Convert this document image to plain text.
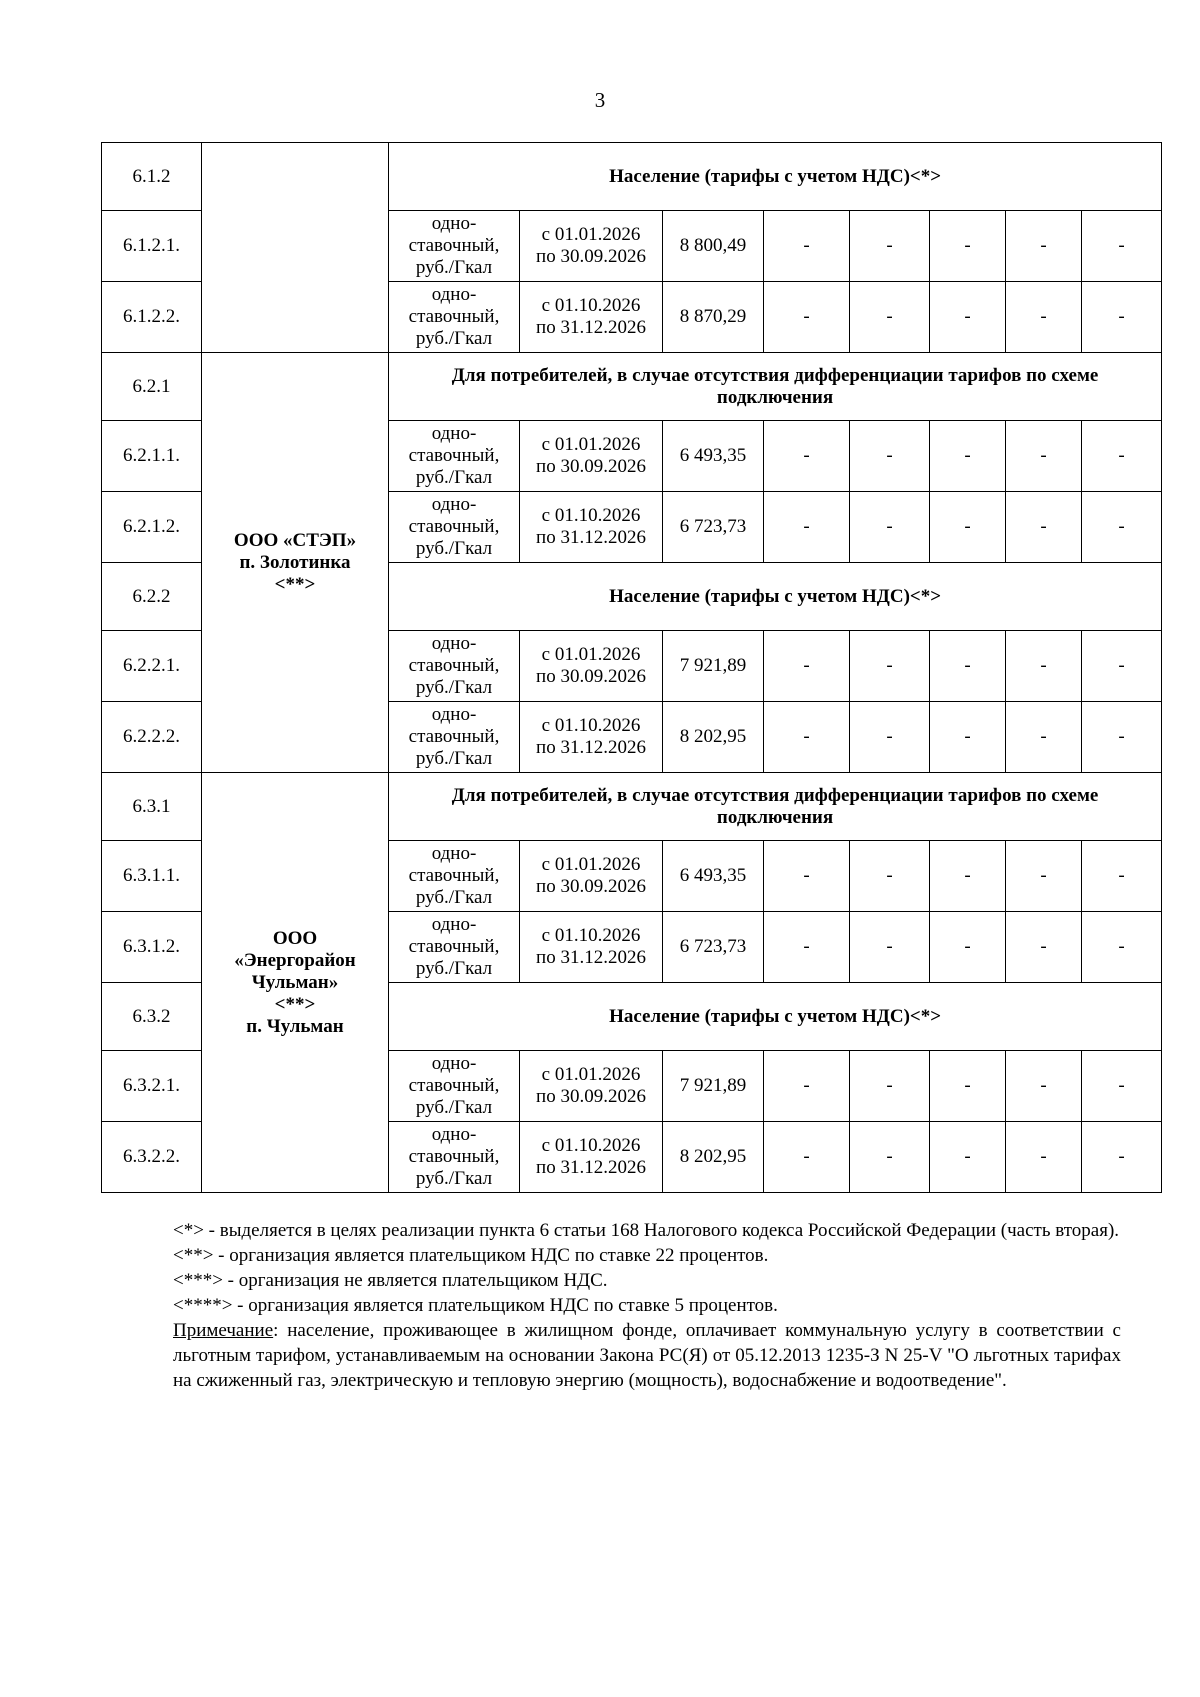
3
6.1.2		Население (тарифы с учетом НДС)<*>							
6.1.2.1.		одно-
ставочный,
руб./Гкал	с 01.01.2026
по 30.09.2026	8 800,49	-	-	-	-	-
6.1.2.2.		одно-
ставочный,
руб./Гкал	с 01.10.2026
по 31.12.2026	8 870,29	-	-	-	-	-
6.2.1	ООО «СТЭП»
п. Золотинка
<**>	Для потребителей, в случае отсутствия дифференциации тарифов по схеме
подключения							
6.2.1.1.		одно-
ставочный,
руб./Гкал	с 01.01.2026
по 30.09.2026	6 493,35	-	-	-	-	-
6.2.1.2.		одно-
ставочный,
руб./Гкал	с 01.10.2026
по 31.12.2026	6 723,73	-	-	-	-	-
6.2.2		Население (тарифы с учетом НДС)<*>							
6.2.2.1.		одно-
ставочный,
руб./Гкал	с 01.01.2026
по 30.09.2026	7 921,89	-	-	-	-	-
6.2.2.2.		одно-
ставочный,
руб./Гкал	с 01.10.2026
по 31.12.2026	8 202,95	-	-	-	-	-
6.3.1	ООО
«Энергорайон
Чульман»
<**>
п. Чульман	Для потребителей, в случае отсутствия дифференциации тарифов по схеме
подключения							
6.3.1.1.		одно-
ставочный,
руб./Гкал	с 01.01.2026
по 30.09.2026	6 493,35	-	-	-	-	-
6.3.1.2.		одно-
ставочный,
руб./Гкал	с 01.10.2026
по 31.12.2026	6 723,73	-	-	-	-	-
6.3.2		Население (тарифы с учетом НДС)<*>							
6.3.2.1.		одно-
ставочный,
руб./Гкал	с 01.01.2026
по 30.09.2026	7 921,89	-	-	-	-	-
6.3.2.2.		одно-
ставочный,
руб./Гкал	с 01.10.2026
по 31.12.2026	8 202,95	-	-	-	-	-

<*> - выделяется в целях реализации пункта 6 статьи 168 Налогового кодекса Российской Федерации (часть вторая).

<**> - организация является плательщиком НДС по ставке 22 процентов.

<***> - организация не является плательщиком НДС.

<****> - организация является плательщиком НДС по ставке 5 процентов.

Примечание: население, проживающее в жилищном фонде, оплачивает коммунальную услугу в соответствии с льготным тарифом, устанавливаемым на основании Закона РС(Я) от 05.12.2013 1235-З N 25-V "О льготных тарифах на сжиженный газ, электрическую и тепловую энергию (мощность), водоснабжение и водоотведение".
